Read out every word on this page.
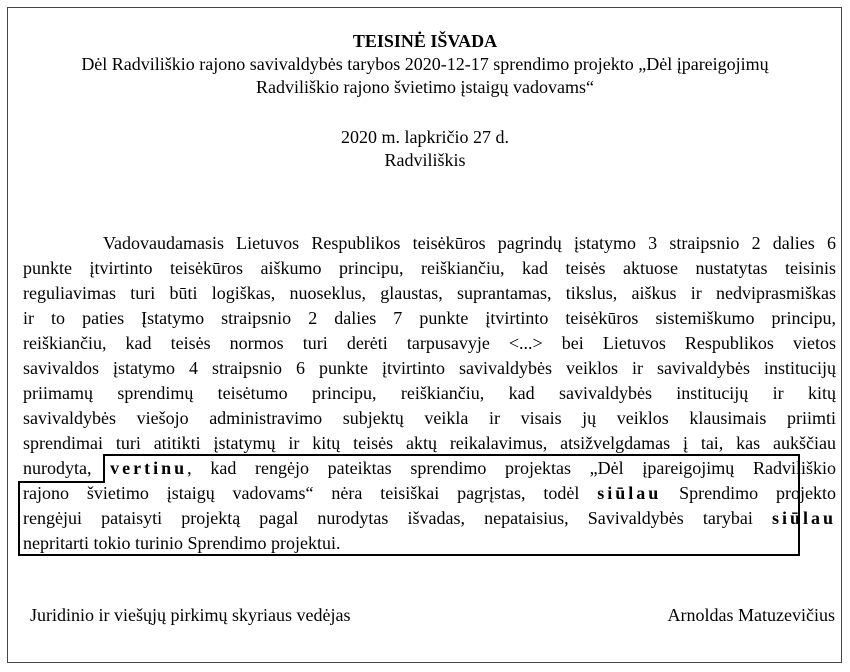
TEISINĖ IŠVADA
Dėl Radviliškio rajono savivaldybės tarybos 2020-12-17 sprendimo projekto „Dėl įpareigojimų
Radviliškio rajono švietimo įstaigų vadovams“
2020 m. lapkričio 27 d.
Radviliškis
Vadovaudamasis Lietuvos Respublikos teisėkūros pagrindų įstatymo 3 straipsnio 2 dalies 6
punkte įtvirtinto teisėkūros aiškumo principu, reiškiančiu, kad teisės aktuose nustatytas teisinis
reguliavimas turi būti logiškas, nuoseklus, glaustas, suprantamas, tikslus, aiškus ir nedviprasmiškas
ir to paties Įstatymo straipsnio 2 dalies 7 punkte įtvirtinto teisėkūros sistemiškumo principu,
reiškiančiu, kad teisės normos turi derėti tarpusavyje <...> bei Lietuvos Respublikos vietos
savivaldos įstatymo 4 straipsnio 6 punkte įtvirtinto savivaldybės veiklos ir savivaldybės institucijų
priimamų sprendimų teisėtumo principu, reiškiančiu, kad savivaldybės institucijų ir kitų
savivaldybės viešojo administravimo subjektų veikla ir visais jų veiklos klausimais priimti
sprendimai turi atitikti įstatymų ir kitų teisės aktų reikalavimus, atsižvelgdamas į tai, kas aukščiau
nurodyta, vertinu, kad rengėjo pateiktas sprendimo projektas „Dėl įpareigojimų Radviliškio
rajono švietimo įstaigų vadovams“ nėra teisiškai pagrįstas, todėl siūlau Sprendimo projekto
rengėjui pataisyti projektą pagal nurodytas išvadas, nepataisius, Savivaldybės tarybai siūlau
nepritarti tokio turinio Sprendimo projektui.
Juridinio ir viešųjų pirkimų skyriaus vedėjas	Arnoldas Matuzevičius
